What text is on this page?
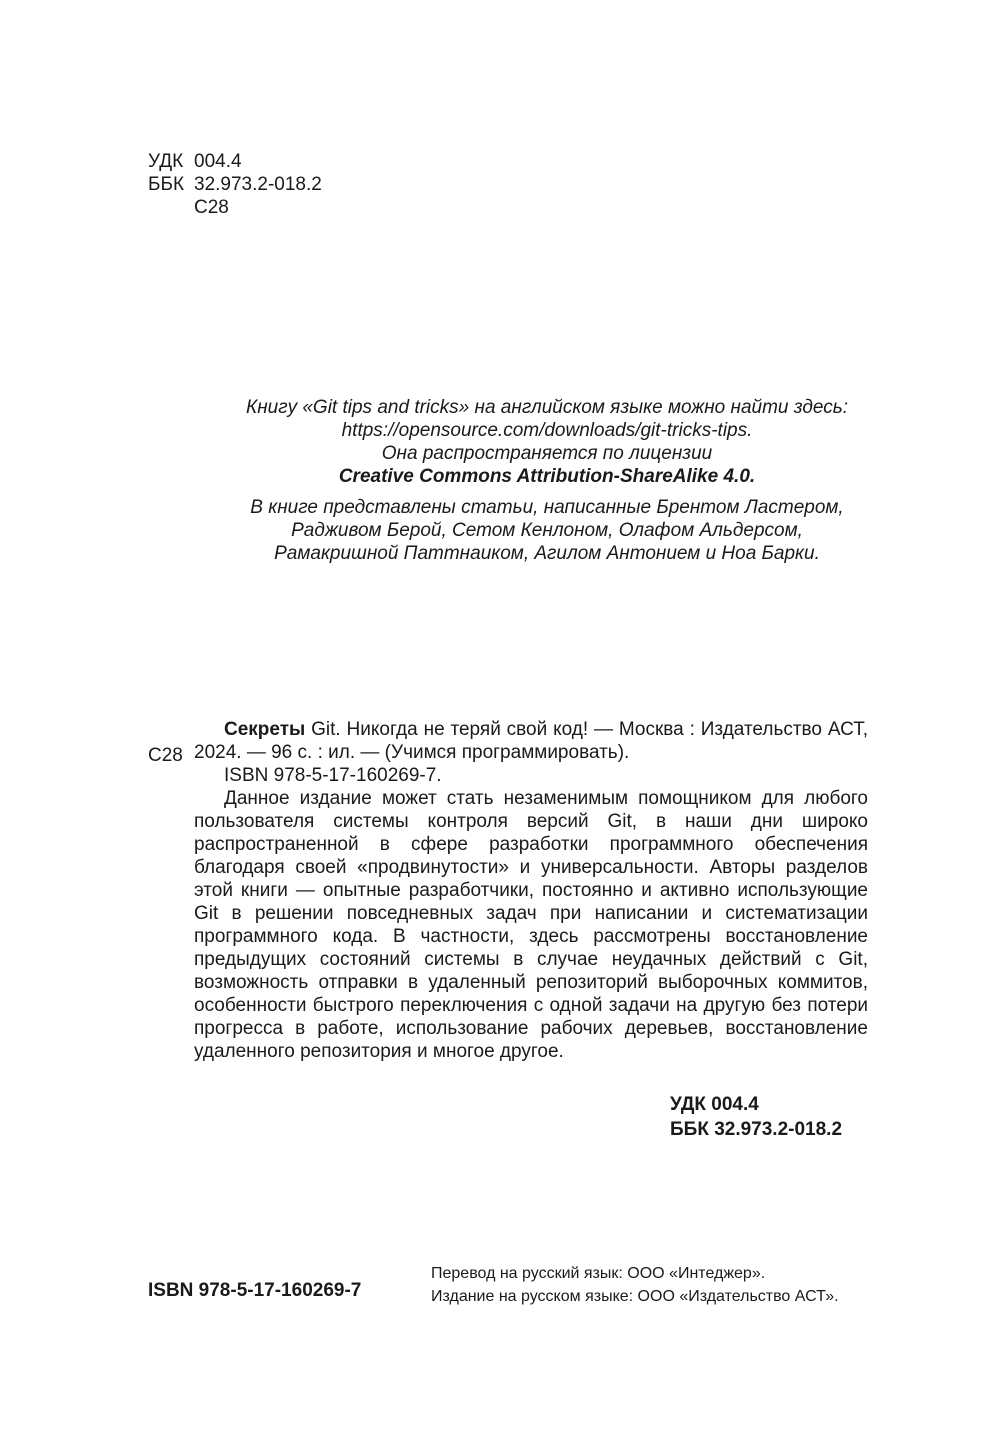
УДК 004.4
ББК 32.973.2-018.2
С28
Книгу «Git tips and tricks» на английском языке можно найти здесь:
https://opensource.com/downloads/git-tricks-tips.
Она распространяется по лицензии
Creative Commons Attribution-ShareAlike 4.0.
В книге представлены статьи, написанные Брентом Ластером,
Радживом Берой, Сетом Кенлоном, Олафом Альдерсом,
Рамакришной Паттнаиком, Агилом Антонием и Ноа Барки.
С28

Секреты Git. Никогда не теряй свой код! — Москва : Издательство АСТ, 2024. — 96 с. : ил. — (Учимся программировать).

ISBN 978-5-17-160269-7.

Данное издание может стать незаменимым помощником для любого пользователя системы контроля версий Git, в наши дни широко распространенной в сфере разработки программного обеспечения благодаря своей «продвинутости» и универсальности. Авторы разделов этой книги — опытные разработчики, постоянно и активно использующие Git в решении повседневных задач при написании и систематизации программного кода. В частности, здесь рассмотрены восстановление предыдущих состояний системы в случае неудачных действий с Git, возможность отправки в удаленный репозиторий выборочных коммитов, особенности быстрого переключения с одной задачи на другую без потери прогресса в работе, использование рабочих деревьев, восстановление удаленного репозитория и многое другое.

УДК 004.4
ББК 32.973.2-018.2
ISBN 978-5-17-160269-7
Перевод на русский язык: ООО «Интеджер».
Издание на русском языке: ООО «Издательство АСТ».
